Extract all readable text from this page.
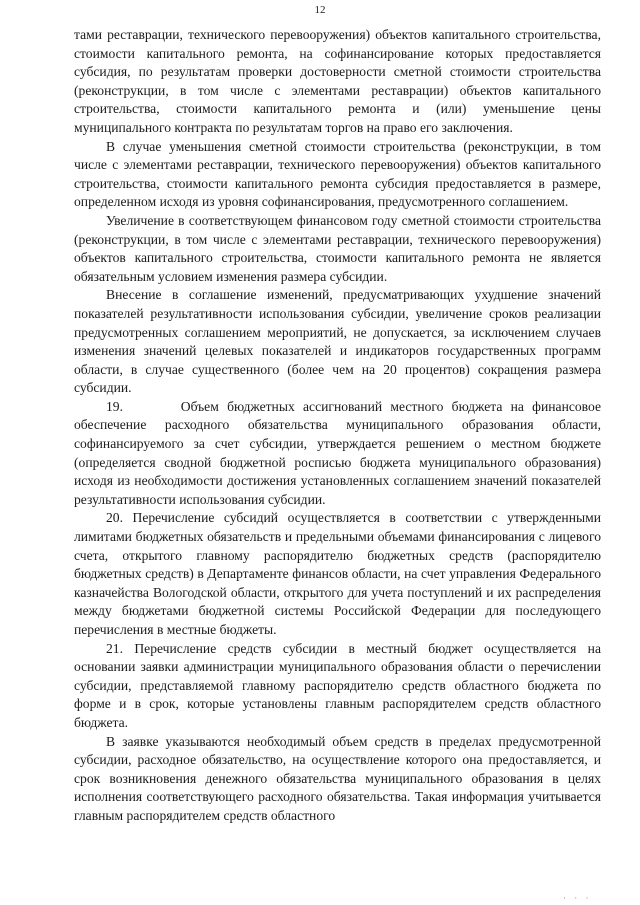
12

тами реставрации, технического перевооружения) объектов капитального строительства, стоимости капитального ремонта, на софинансирование которых предоставляется субсидия, по результатам проверки достоверности сметной стоимости строительства (реконструкции, в том числе с элементами реставрации) объектов капитального строительства, стоимости капитального ремонта и (или) уменьшение цены муниципального контракта по результатам торгов на право его заключения.

В случае уменьшения сметной стоимости строительства (реконструкции, в том числе с элементами реставрации, технического перевооружения) объектов капитального строительства, стоимости капитального ремонта субсидия предоставляется в размере, определенном исходя из уровня софинансирования, предусмотренного соглашением.

Увеличение в соответствующем финансовом году сметной стоимости строительства (реконструкции, в том числе с элементами реставрации, технического перевооружения) объектов капитального строительства, стоимости капитального ремонта не является обязательным условием изменения размера субсидии.

Внесение в соглашение изменений, предусматривающих ухудшение значений показателей результативности использования субсидии, увеличение сроков реализации предусмотренных соглашением мероприятий, не допускается, за исключением случаев изменения значений целевых показателей и индикаторов государственных программ области, в случае существенного (более чем на 20 процентов) сокращения размера субсидии.

19.       Объем бюджетных ассигнований местного бюджета на финансовое обеспечение расходного обязательства муниципального образования области, софинансируемого за счет субсидии, утверждается решением о местном бюджете (определяется сводной бюджетной росписью бюджета муниципального образования) исходя из необходимости достижения установленных соглашением значений показателей результативности использования субсидии.

20. Перечисление субсидий осуществляется в соответствии с утвержденными лимитами бюджетных обязательств и предельными объемами финансирования с лицевого счета, открытого главному распорядителю бюджетных средств (распорядителю бюджетных средств) в Департаменте финансов области, на счет управления Федерального казначейства Вологодской области, открытого для учета поступлений и их распределения между бюджетами бюджетной системы Российской Федерации для последующего перечисления в местные бюджеты.

21. Перечисление средств субсидии в местный бюджет осуществляется на основании заявки администрации муниципального образования области о перечислении субсидии, представляемой главному распорядителю средств областного бюджета по форме и в срок, которые установлены главным распорядителем средств областного бюджета.

В заявке указываются необходимый объем средств в пределах предусмотренной субсидии, расходное обязательство, на осуществление которого она предоставляется, и срок возникновения денежного обязательства муниципального образования в целях исполнения соответствующего расходного обязательства. Такая информация учитывается главным распорядителем средств областного

· · ·
